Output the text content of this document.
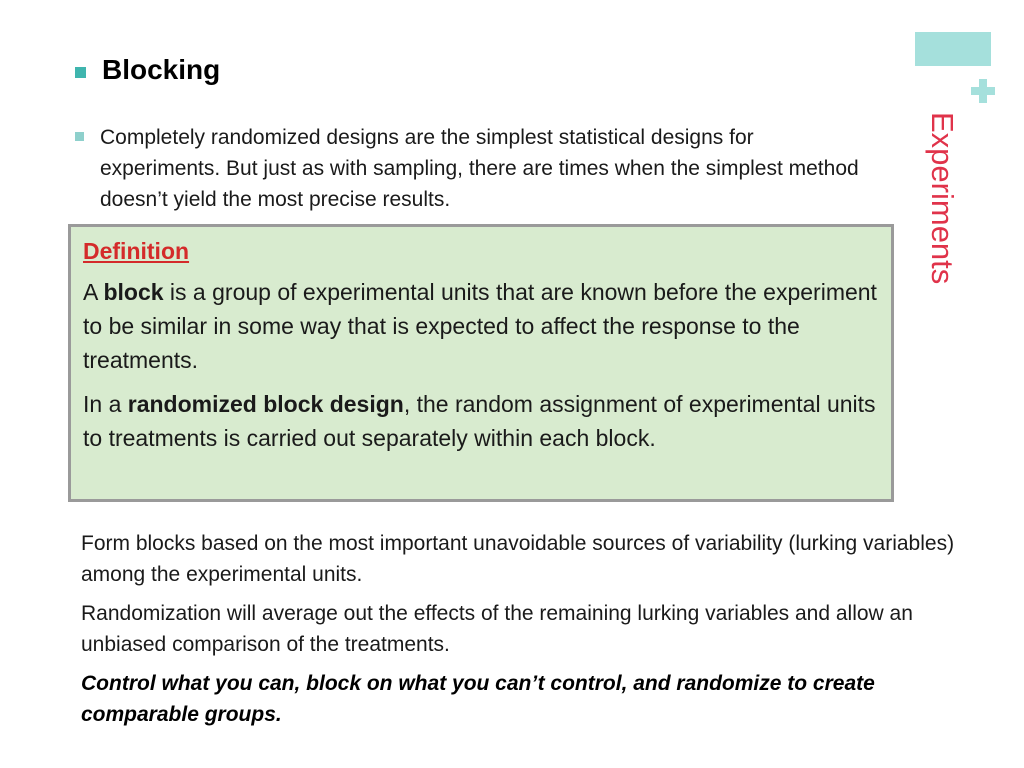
Experiments
Blocking
Completely randomized designs are the simplest statistical designs for experiments. But just as with sampling, there are times when the simplest method doesn’t yield the most precise results.
Definition

A block is a group of experimental units that are known before the experiment to be similar in some way that is expected to affect the response to the treatments.

In a randomized block design, the random assignment of experimental units to treatments is carried out separately within each block.

Form blocks based on the most important unavoidable sources of variability (lurking variables) among the experimental units.

Randomization will average out the effects of the remaining lurking variables and allow an unbiased comparison of the treatments.

Control what you can, block on what you can’t control, and randomize to create comparable groups.
